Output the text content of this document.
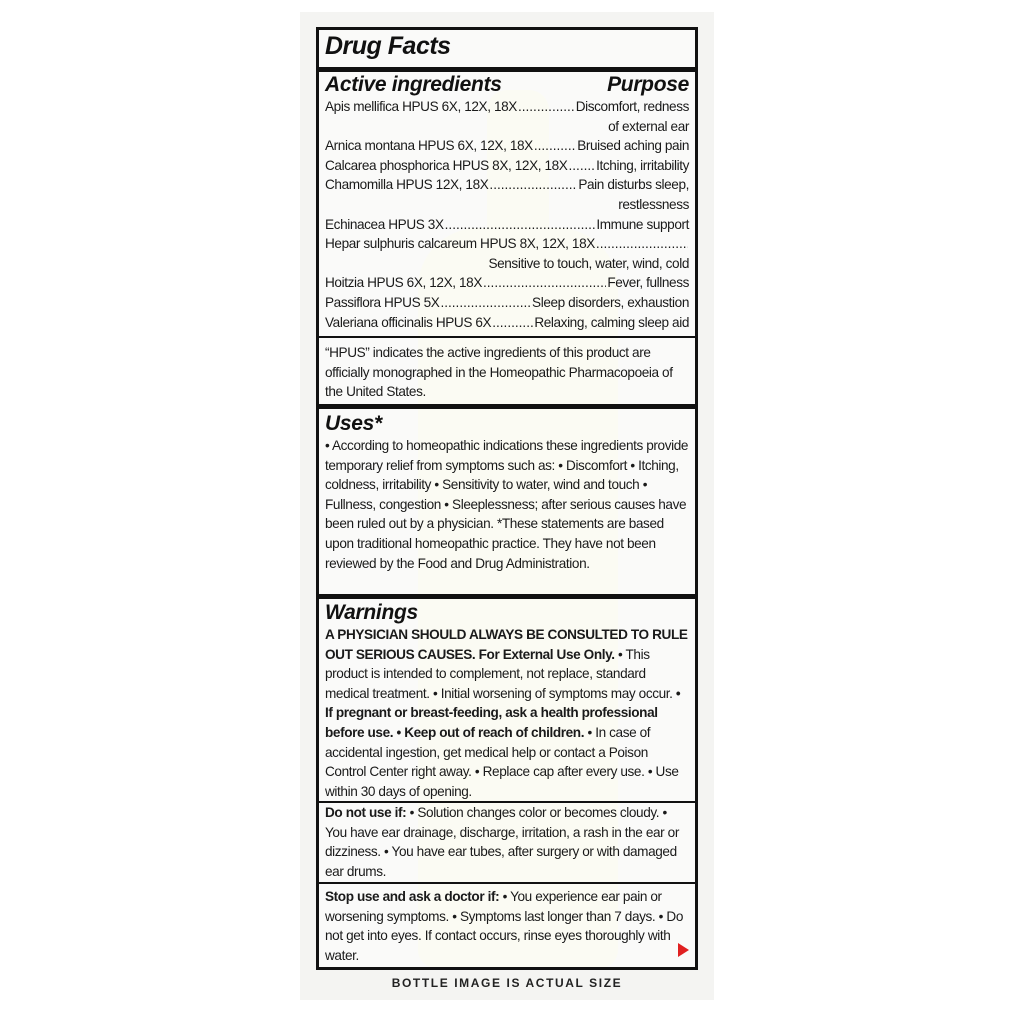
Drug Facts
Active ingredients	Purpose
Apis mellifica HPUS 6X, 12X, 18X .....	Discomfort, redness
of external ear
Arnica montana HPUS 6X, 12X, 18X .....	Bruised aching pain
Calcarea phosphorica HPUS 8X, 12X, 18X ..... Itching, irritability
Chamomilla HPUS 12X, 18X .....	Pain disturbs sleep,
restlessness
Echinacea HPUS 3X .....	Immune support
Hepar sulphuris calcareum HPUS 8X, 12X, 18X
.....
Sensitive to touch, water, wind, cold
Hoitzia HPUS 6X, 12X, 18X .....	Fever, fullness
Passiflora HPUS 5X .....	Sleep disorders, exhaustion
Valeriana officinalis HPUS 6X .....	Relaxing, calming sleep aid

“HPUS” indicates the active ingredients of this product are officially monographed in the Homeopathic Pharmacopoeia of the United States.

Uses*

• According to homeopathic indications these ingredients provide temporary relief from symptoms such as: • Discomfort • Itching, coldness, irritability • Sensitivity to water, wind and touch • Fullness, congestion • Sleeplessness; after serious causes have been ruled out by a physician. *These statements are based upon traditional homeopathic practice. They have not been reviewed by the Food and Drug Administration.

Warnings

A PHYSICIAN SHOULD ALWAYS BE CONSULTED TO RULE OUT SERIOUS CAUSES. For External Use Only. • This product is intended to complement, not replace, standard medical treatment. • Initial worsening of symptoms may occur. • If pregnant or breast-feeding, ask a health professional before use. • Keep out of reach of children. • In case of accidental ingestion, get medical help or contact a Poison Control Center right away. • Replace cap after every use. • Use within 30 days of opening.

Do not use if: • Solution changes color or becomes cloudy. • You have ear drainage, discharge, irritation, a rash in the ear or dizziness. • You have ear tubes, after surgery or with damaged ear drums.

Stop use and ask a doctor if: • You experience ear pain or worsening symptoms. • Symptoms last longer than 7 days. • Do not get into eyes. If contact occurs, rinse eyes thoroughly with water.

BOTTLE IMAGE IS ACTUAL SIZE
